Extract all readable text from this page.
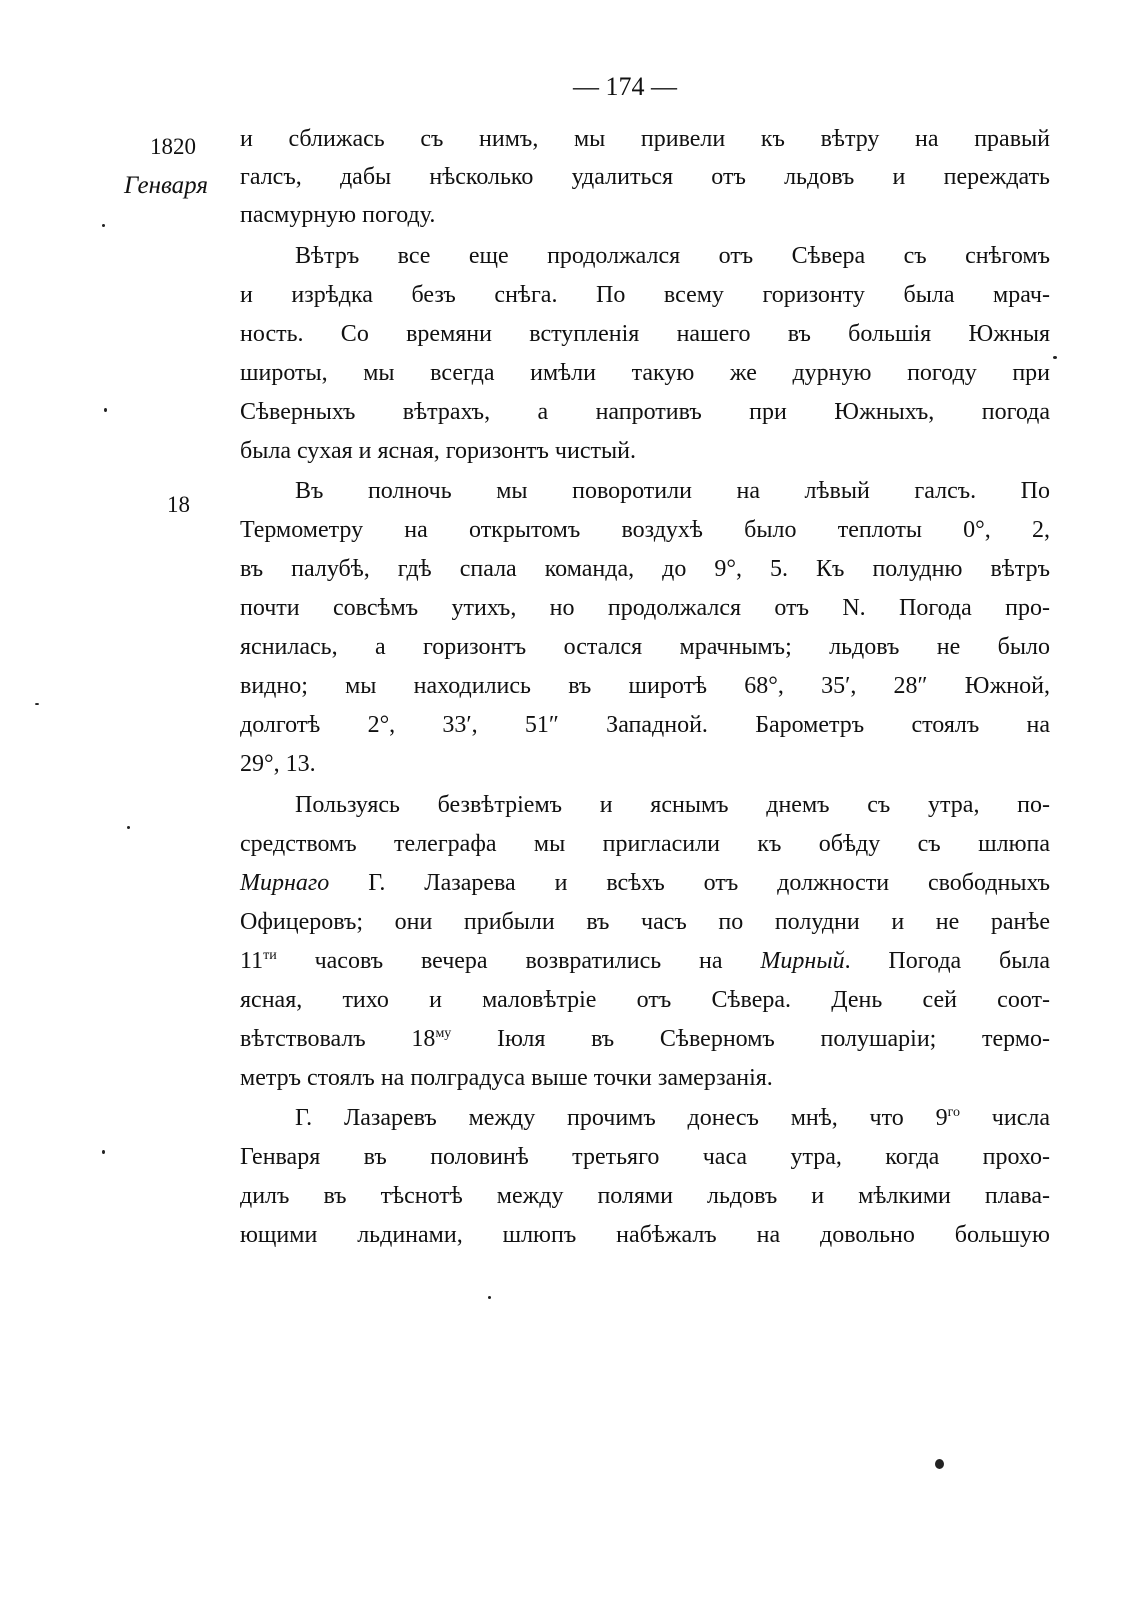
— 174 —
1820
Генваря
18
и сближась съ нимъ, мы привели къ вѣтру на правый
галсъ, дабы нѣсколько удалиться отъ льдовъ и переждать
пасмурную погоду.
Вѣтръ все еще продолжался отъ Сѣвера съ снѣгомъ
и изрѣдка безъ снѣга. По всему горизонту была мрач-
ность. Со времяни вступленія нашего въ большія Южныя
широты, мы всегда имѣли такую же дурную погоду при
Сѣверныхъ вѣтрахъ, а напротивъ при Южныхъ, погода
была сухая и ясная, горизонтъ чистый.
Въ полночь мы поворотили на лѣвый галсъ. По
Термометру на открытомъ воздухѣ было теплоты 0°, 2,
въ палубѣ, гдѣ спала команда, до 9°, 5. Къ полудню вѣтръ
почти совсѣмъ утихъ, но продолжался отъ N. Погода про-
яснилась, а горизонтъ остался мрачнымъ; льдовъ не было
видно; мы находились въ широтѣ 68°, 35′, 28″ Южной,
долготѣ 2°, 33′, 51″ Западной. Барометръ стоялъ на
29°, 13.
Пользуясь безвѣтріемъ и яснымъ днемъ съ утра, по-
средствомъ телеграфа мы пригласили къ обѣду съ шлюпа
Мирнаго Г. Лазарева и всѣхъ отъ должности свободныхъ
Офицеровъ; они прибыли въ часъ по полудни и не ранѣе
$11^{ти}$ часовъ вечера возвратились на Мирный. Погода была
ясная, тихо и маловѣтріе отъ Сѣвера. День сей соот-
вѣтствовалъ $18^{му}$ Іюля въ Сѣверномъ полушаріи; термо-
метръ стоялъ на полградуса выше точки замерзанія.
Г. Лазаревъ между прочимъ донесъ мнѣ, что $9^{го}$ числа
Генваря въ половинѣ третьяго часа утра, когда прохо-
дилъ въ тѣснотѣ между полями льдовъ и мѣлкими плава-
ющими льдинами, шлюпъ набѣжалъ на довольно большую
